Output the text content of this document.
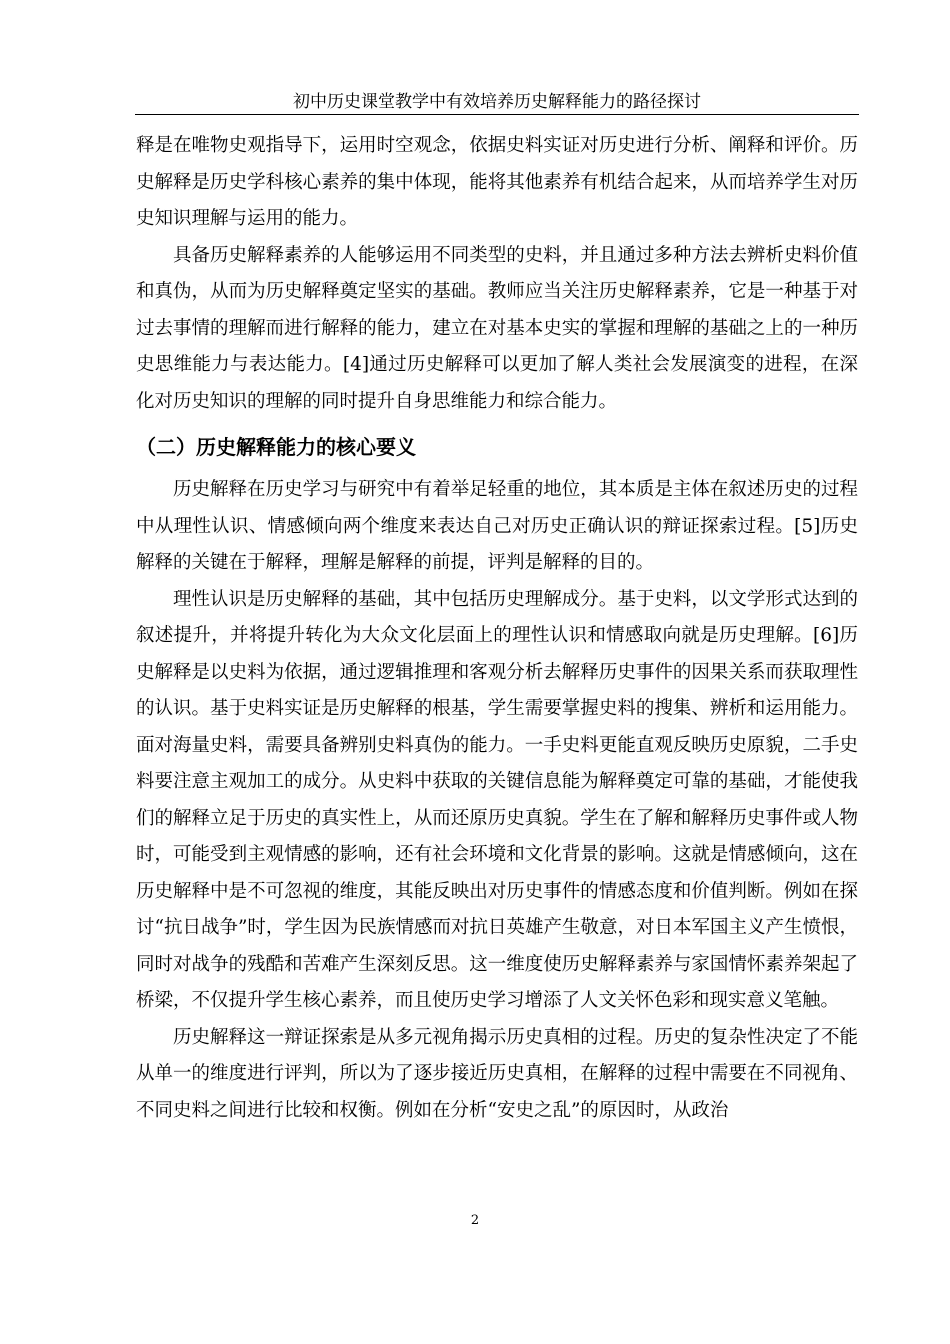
初中历史课堂教学中有效培养历史解释能力的路径探讨

释是在唯物史观指导下，运用时空观念，依据史料实证对历史进行分析、阐释和评价。历史解释是历史学科核心素养的集中体现，能将其他素养有机结合起来，从而培养学生对历史知识理解与运用的能力。

具备历史解释素养的人能够运用不同类型的史料，并且通过多种方法去辨析史料价值和真伪，从而为历史解释奠定坚实的基础。教师应当关注历史解释素养，它是一种基于对过去事情的理解而进行解释的能力，建立在对基本史实的掌握和理解的基础之上的一种历史思维能力与表达能力。[4]通过历史解释可以更加了解人类社会发展演变的进程，在深化对历史知识的理解的同时提升自身思维能力和综合能力。

（二）历史解释能力的核心要义

历史解释在历史学习与研究中有着举足轻重的地位，其本质是主体在叙述历史的过程中从理性认识、情感倾向两个维度来表达自己对历史正确认识的辩证探索过程。[5]历史解释的关键在于解释，理解是解释的前提，评判是解释的目的。

理性认识是历史解释的基础，其中包括历史理解成分。基于史料，以文学形式达到的叙述提升，并将提升转化为大众文化层面上的理性认识和情感取向就是历史理解。[6]历史解释是以史料为依据，通过逻辑推理和客观分析去解释历史事件的因果关系而获取理性的认识。基于史料实证是历史解释的根基，学生需要掌握史料的搜集、辨析和运用能力。面对海量史料，需要具备辨别史料真伪的能力。一手史料更能直观反映历史原貌，二手史料要注意主观加工的成分。从史料中获取的关键信息能为解释奠定可靠的基础，才能使我们的解释立足于历史的真实性上，从而还原历史真貌。学生在了解和解释历史事件或人物时，可能受到主观情感的影响，还有社会环境和文化背景的影响。这就是情感倾向，这在历史解释中是不可忽视的维度，其能反映出对历史事件的情感态度和价值判断。例如在探讨“抗日战争”时，学生因为民族情感而对抗日英雄产生敬意，对日本军国主义产生愤恨，同时对战争的残酷和苦难产生深刻反思。这一维度使历史解释素养与家国情怀素养架起了桥梁，不仅提升学生核心素养，而且使历史学习增添了人文关怀色彩和现实意义笔触。

历史解释这一辩证探索是从多元视角揭示历史真相的过程。历史的复杂性决定了不能从单一的维度进行评判，所以为了逐步接近历史真相，在解释的过程中需要在不同视角、不同史料之间进行比较和权衡。例如在分析“安史之乱”的原因时，从政治

2
